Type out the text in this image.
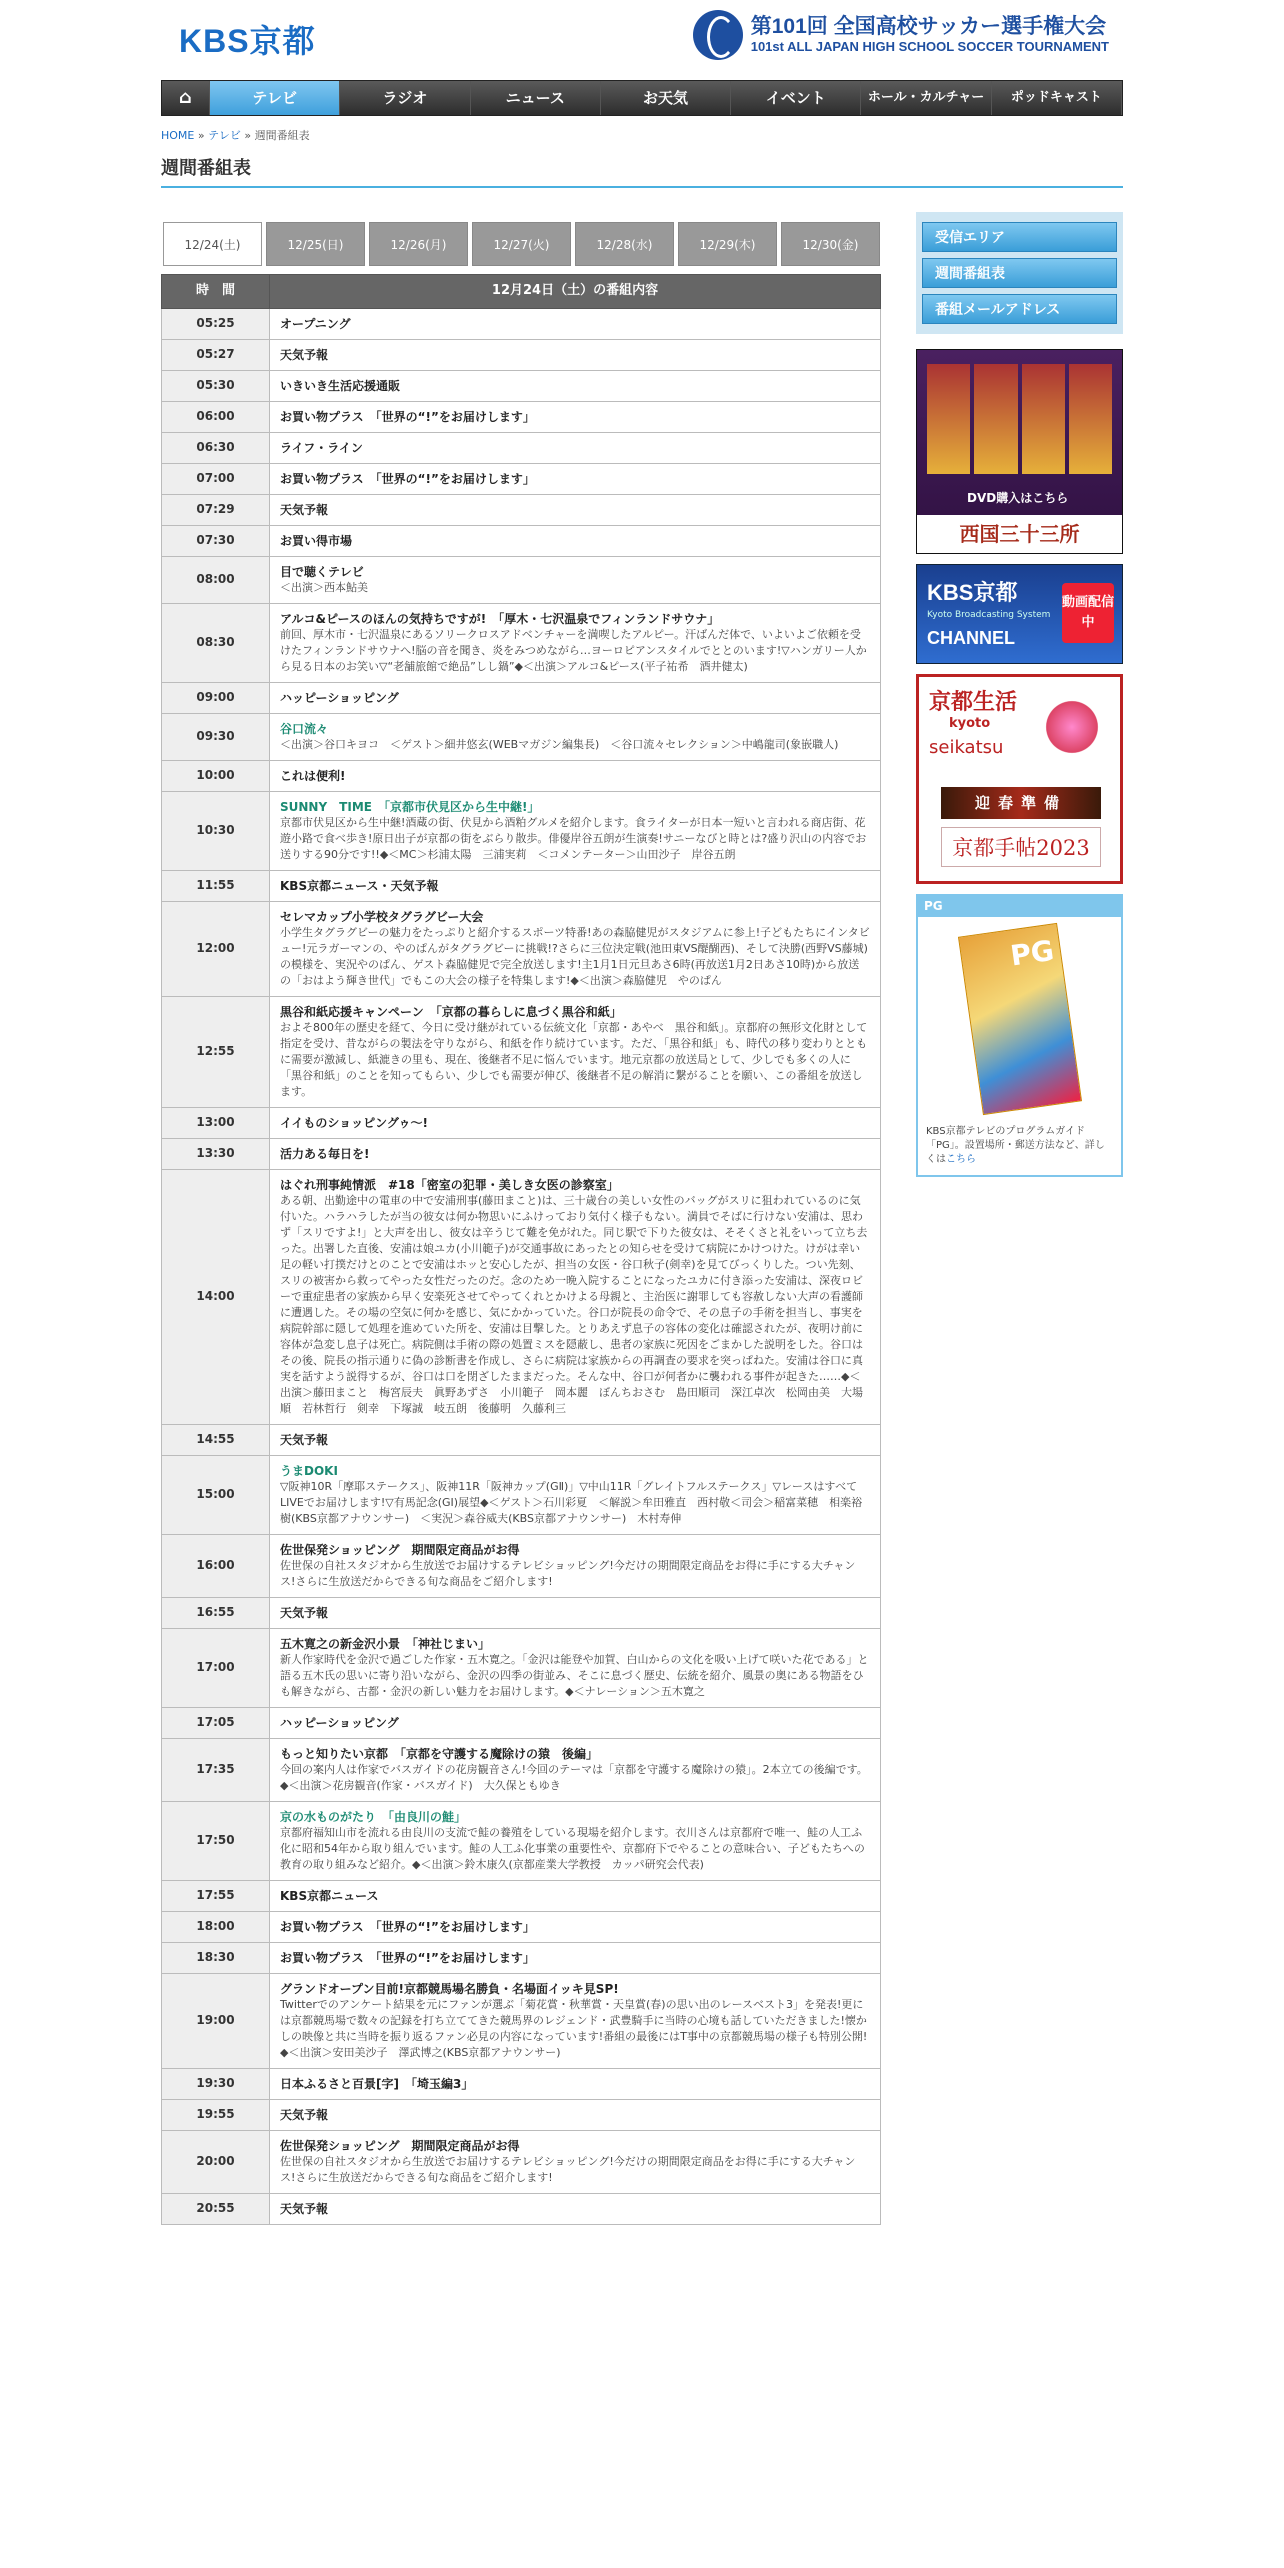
KBS京都	第101回 全国高校サッカー選手権大会
101st ALL JAPAN HIGH SCHOOL SOCCER TOURNAMENT
⌂	テレビ	ラジオ	ニュース	お天気	イベント	ホール・カルチャー	ポッドキャスト
HOME » テレビ » 週間番組表
週間番組表
12/24(土)	12/25(日)	12/26(月)	12/27(火)	12/28(水)	12/29(木)	12/30(金)
時　間	12月24日（土）の番組内容
05:25	オープニング

05:27	天気予報

05:30	いきいき生活応援通販

06:00	お買い物プラス　「世界の“!”をお届けします」

06:30	ライフ・ライン

07:00	お買い物プラス　「世界の“!”をお届けします」

07:29	天気予報

07:30	お買い得市場

08:00	目で聴くテレビ
＜出演＞西本鮎美

08:30	アルコ&ピースのほんの気持ちですが!　「厚木・七沢温泉でフィンランドサウナ」
前回、厚木市・七沢温泉にあるソリークロスアドベンチャーを満喫したアルピー。汗ばんだ体で、いよいよご依頼を受けたフィンランドサウナへ!脳の音を聞き、炎をみつめながら…ヨーロピアンスタイルでととのいます!▽ハンガリー人から見る日本のお笑い▽“老舗旅館で絶品”しし鍋”◆＜出演＞アルコ&ピース(平子祐希　酒井健太)

09:00	ハッピーショッピング

09:30	谷口流々
＜出演＞谷口キヨコ　＜ゲスト＞細井悠玄(WEBマガジン編集長)　＜谷口流々セレクション＞中嶋龍司(象嵌職人)

10:00	これは便利!

10:30	SUNNY　TIME　「京都市伏見区から生中継!」
京都市伏見区から生中継!酒蔵の街、伏見から酒粕グルメを紹介します。食ライターが日本一短いと言われる商店街、花遊小路で食べ歩き!原日出子が京都の街をぶらり散歩。俳優岸谷五朗が生演奏!サニーなびと時とは?盛り沢山の内容でお送りする90分です!!◆＜MC＞杉浦太陽　三浦実莉　＜コメンテーター＞山田沙子　岸谷五朗

11:55	KBS京都ニュース・天気予報

12:00	セレマカップ小学校タグラグビー大会
小学生タグラグビーの魅力をたっぷりと紹介するスポーツ特番!あの森脇健児がスタジアムに参上!子どもたちにインタビュー!元ラガーマンの、やのぱんがタグラグビーに挑戦!?さらに三位決定戦(池田東VS醍醐西)、そして決勝(西野VS藤城)の模様を、実況やのぱん、ゲスト森脇健児で完全放送します!主1月1日元旦あさ6時(再放送1月2日あさ10時)から放送の「おはよう輝き世代」でもこの大会の様子を特集します!◆＜出演＞森脇健児　やのぱん

12:55	黒谷和紙応援キャンペーン　「京都の暮らしに息づく黒谷和紙」
およそ800年の歴史を経て、今日に受け継がれている伝統文化「京都・あやべ　黒谷和紙」。京都府の無形文化財として指定を受け、昔ながらの製法を守りながら、和紙を作り続けています。ただ、「黒谷和紙」も、時代の移り変わりとともに需要が激減し、紙漉きの里も、現在、後継者不足に悩んでいます。地元京都の放送局として、少しでも多くの人に「黒谷和紙」のことを知ってもらい、少しでも需要が伸び、後継者不足の解消に繋がることを願い、この番組を放送します。

13:00	イイものショッピングゥ～!

13:30	活力ある毎日を!

14:00	はぐれ刑事純情派　#18「密室の犯罪・美しき女医の診察室」
ある朝、出勤途中の電車の中で安浦刑事(藤田まこと)は、三十歳台の美しい女性のバッグがスリに狙われているのに気付いた。ハラハラしたが当の彼女は何か物思いにふけっており気付く様子もない。満員でそばに行けない安浦は、思わず「スリですよ!」と大声を出し、彼女は辛うじて難を免がれた。同じ駅で下りた彼女は、そそくさと礼をいって立ち去った。出署した直後、安浦は娘ユカ(小川範子)が交通事故にあったとの知らせを受けて病院にかけつけた。けがは幸い足の軽い打撲だけとのことで安浦はホッと安心したが、担当の女医・谷口秋子(剣幸)を見てびっくりした。つい先刻、スリの被害から救ってやった女性だったのだ。念のため一晩入院することになったユカに付き添った安浦は、深夜ロビーで重症患者の家族から早く安楽死させてやってくれとかけよる母親と、主治医に謝罪しても容赦しない大声の看護師に遭遇した。その場の空気に何かを感じ、気にかかっていた。谷口が院長の命令で、その息子の手術を担当し、事実を病院幹部に隠して処理を進めていた所を、安浦は目撃した。とりあえず息子の容体の変化は確認されたが、夜明け前に容体が急変し息子は死亡。病院側は手術の際の処置ミスを隠蔽し、患者の家族に死因をごまかした説明をした。谷口はその後、院長の指示通りに偽の診断書を作成し、さらに病院は家族からの再調査の要求を突っぱねた。安浦は谷口に真実を話すよう説得するが、谷口は口を閉ざしたままだった。そんな中、谷口が何者かに襲われる事件が起きた……◆＜出演＞藤田まこと　梅宮辰夫　眞野あずさ　小川範子　岡本麗　ぼんちおさむ　島田順司　深江卓次　松岡由美　大場順　若林哲行　剣幸　下塚誠　岐五朗　後藤明　久藤利三

14:55	天気予報

15:00	うまDOKI
▽阪神10R「摩耶ステークス」、阪神11R「阪神カップ(GⅡ)」▽中山11R「グレイトフルステークス」▽レースはすべてLIVEでお届けします!▽有馬記念(GⅠ)展望◆＜ゲスト＞石川彩夏　＜解説＞牟田雅直　西村敬＜司会＞稲富菜穂　相楽裕樹(KBS京都アナウンサー)　＜実況＞森谷威夫(KBS京都アナウンサー)　木村寿伸

16:00	佐世保発ショッピング　期間限定商品がお得
佐世保の自社スタジオから生放送でお届けするテレビショッピング!今だけの期間限定商品をお得に手にする大チャンス!さらに生放送だからできる旬な商品をご紹介します!

16:55	天気予報

17:00	五木寛之の新金沢小景　「神社じまい」
新人作家時代を金沢で過ごした作家・五木寛之。「金沢は能登や加賀、白山からの文化を吸い上げて咲いた花である」と語る五木氏の思いに寄り沿いながら、金沢の四季の街並み、そこに息づく歴史、伝統を紹介、風景の奥にある物語をひも解きながら、古都・金沢の新しい魅力をお届けします。◆＜ナレーション＞五木寛之

17:05	ハッピーショッピング

17:35	もっと知りたい京都　「京都を守護する魔除けの猿　後編」
今回の案内人は作家でバスガイドの花房観音さん!今回のテーマは「京都を守護する魔除けの猿」。2本立ての後編です。◆＜出演＞花房観音(作家・バスガイド)　大久保ともゆき

17:50	京の水ものがたり　「由良川の鮭」
京都府福知山市を流れる由良川の支流で鮭の養殖をしている現場を紹介します。衣川さんは京都府で唯一、鮭の人工ふ化に昭和54年から取り組んでいます。鮭の人工ふ化事業の重要性や、京都府下でやることの意味合い、子どもたちへの教育の取り組みなど紹介。◆＜出演＞鈴木康久(京都産業大学教授　カッパ研究会代表)

17:55	KBS京都ニュース

18:00	お買い物プラス　「世界の“!”をお届けします」

18:30	お買い物プラス　「世界の“!”をお届けします」

19:00	グランドオープン目前!京都競馬場名勝負・名場面イッキ見SP!
Twitterでのアンケート結果を元にファンが選ぶ「菊花賞・秋華賞・天皇賞(春)の思い出のレースベスト3」を発表!更には京都競馬場で数々の記録を打ち立ててきた競馬界のレジェンド・武豊騎手に当時の心境も話していただきました!懐かしの映像と共に当時を振り返るファン必見の内容になっています!番組の最後にはT事中の京都競馬場の様子も特別公開!◆＜出演＞安田美沙子　澤武博之(KBS京都アナウンサー)

19:30	日本ふるさと百景[字]　「埼玉編3」

19:55	天気予報

20:00	佐世保発ショッピング　期間限定商品がお得
佐世保の自社スタジオから生放送でお届けするテレビショッピング!今だけの期間限定商品をお得に手にする大チャンス!さらに生放送だからできる旬な商品をご紹介します!

20:55	天気予報
受信エリア
週間番組表
番組メールアドレス
DVD購入はこちら
西国三十三所
KBS京都
Kyoto Broadcasting System
CHANNEL
動画配信中
京都生活
kyoto
seikatsu
迎春準備
京都手帖2023
PG
PG
KBS京都テレビのプログラムガイド「PG」。設置場所・郵送方法など、詳しくはこちら
